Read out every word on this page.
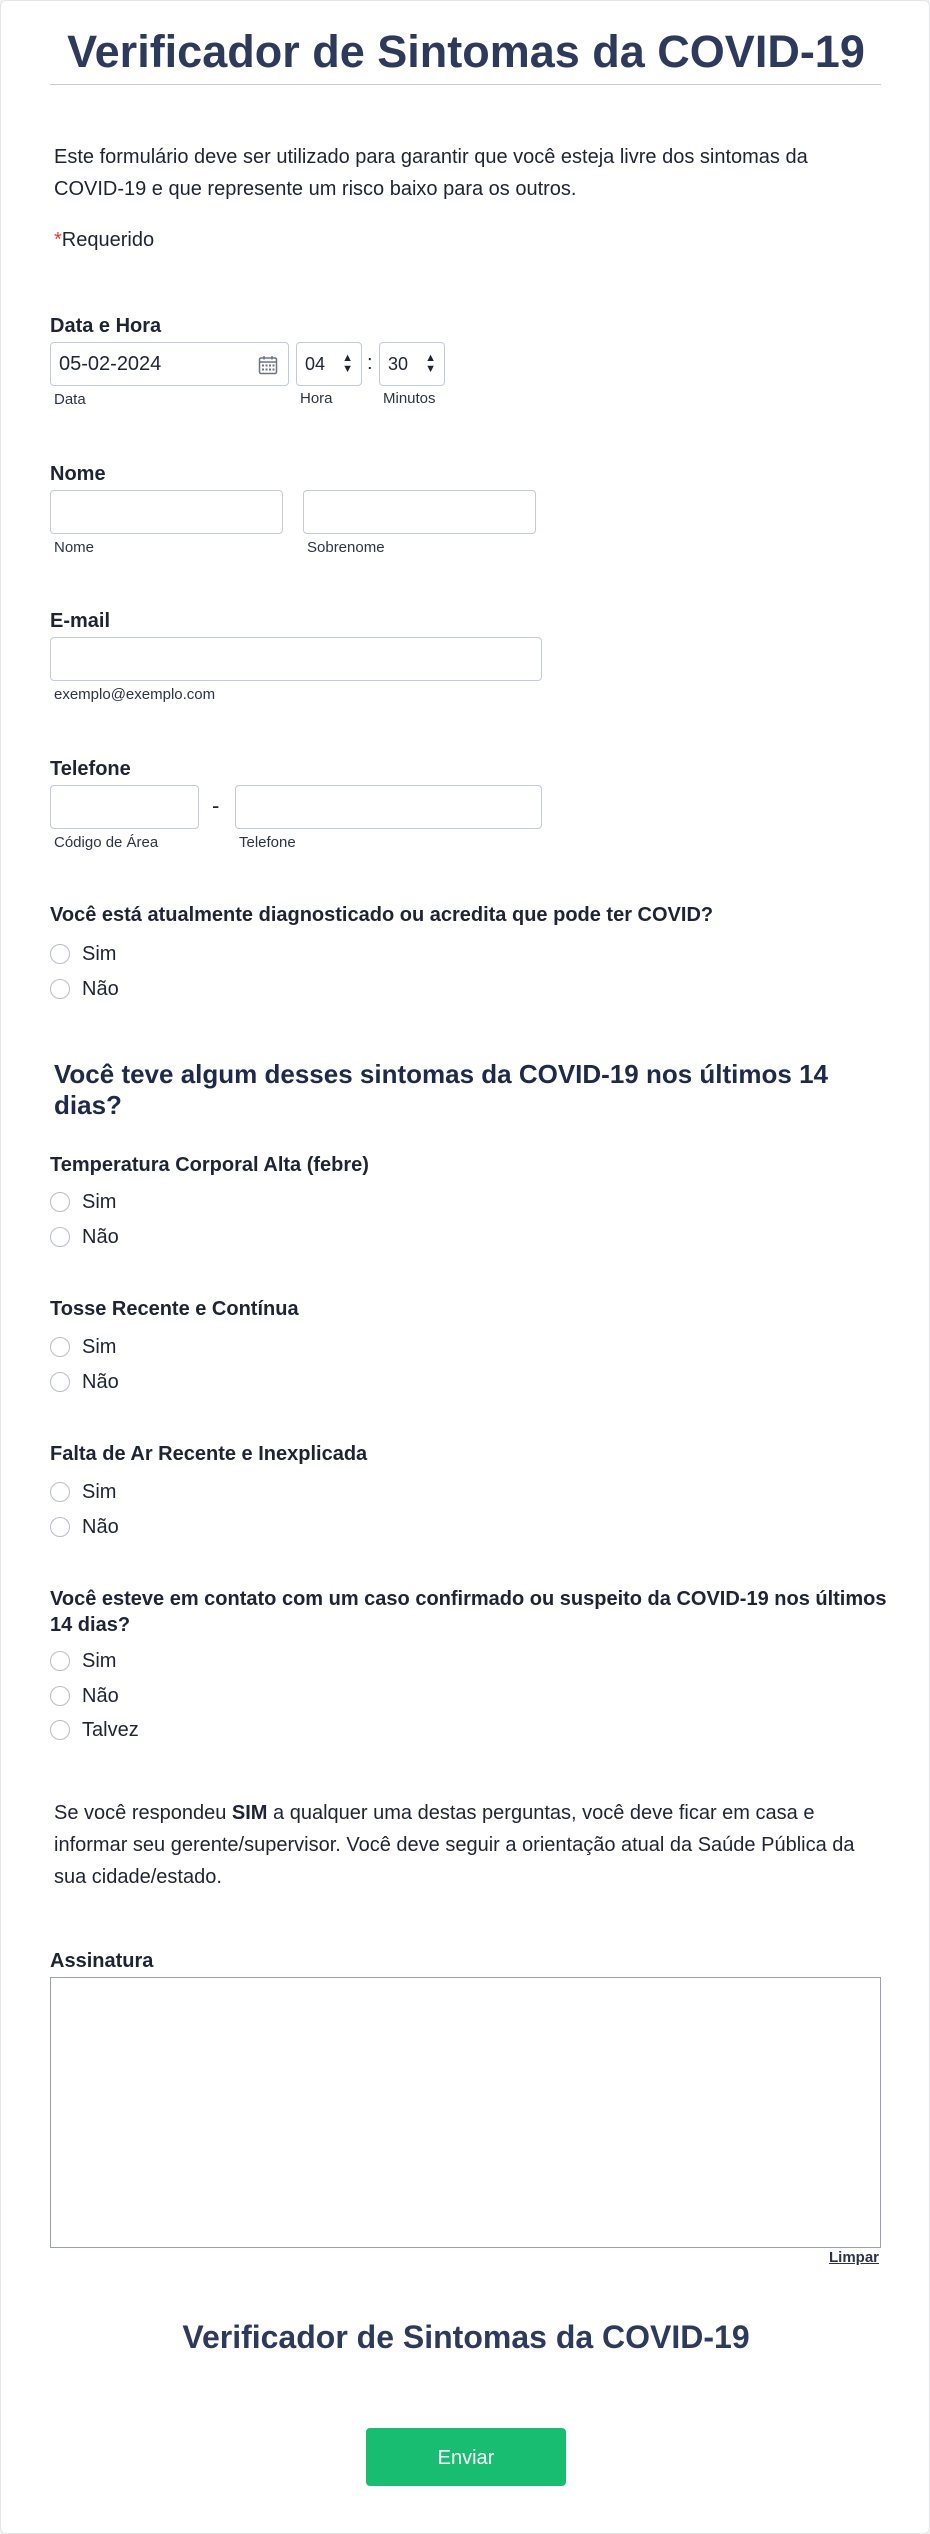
Verificador de Sintomas da COVID-19
Este formulário deve ser utilizado para garantir que você esteja livre dos sintomas da COVID-19 e que represente um risco baixo para os outros.
*Requerido
Data e Hora
05-02-2024
Data
04 ▲
▼
Hora
: 30 ▲
▼
Minutos
Nome
Nome	Sobrenome
E-mail
exemplo@exemplo.com
Telefone
-
Código de Área	Telefone
Você está atualmente diagnosticado ou acredita que pode ter COVID?
Sim
Não
Você teve algum desses sintomas da COVID-19 nos últimos 14 dias?
Temperatura Corporal Alta (febre)
Sim
Não
Tosse Recente e Contínua
Sim
Não
Falta de Ar Recente e Inexplicada
Sim
Não
Você esteve em contato com um caso confirmado ou suspeito da COVID-19 nos últimos 14 dias?
Sim
Não
Talvez
Se você respondeu SIM a qualquer uma destas perguntas, você deve ficar em casa e informar seu gerente/supervisor. Você deve seguir a orientação atual da Saúde Pública da sua cidade/estado.
Assinatura
Limpar
Verificador de Sintomas da COVID-19
Enviar
